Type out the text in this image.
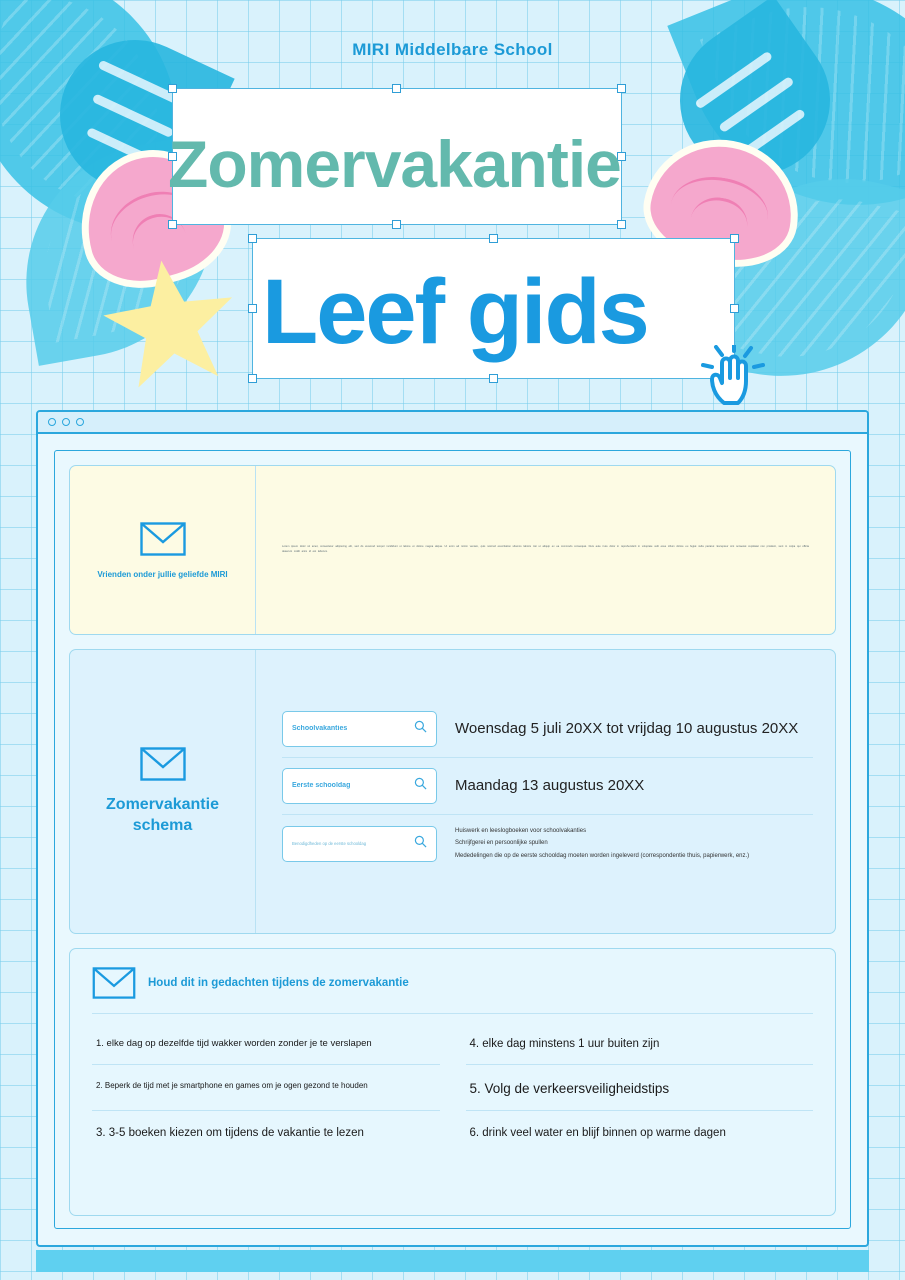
MIRI Middelbare School
Zomervakantie
Leef gids
Vrienden onder jullie geliefde MIRI

Lorem ipsum dolor sit amet, consectetur adipiscing elit, sed do eiusmod tempor incididunt ut labore et dolore magna aliqua. Ut enim ad minim veniam, quis nostrud exercitation ullamco laboris nisi ut aliquip ex ea commodo consequat. Duis aute irure dolor in reprehenderit in voluptate velit esse cillum dolore eu fugiat nulla pariatur. Excepteur sint occaecat cupidatat non proident, sunt in culpa qui officia deserunt mollit anim id est laborum.

Zomervakantie schema
Schoolvakanties	Woensdag 5 juli 20XX tot vrijdag 10 augustus 20XX
Eerste schooldag	Maandag 13 augustus 20XX
Benodigdheden op de eerste schooldag
Huiswerk en leeslogboeken voor schoolvakanties
Schrijfgerei en persoonlijke spullen
Mededelingen die op de eerste schooldag moeten worden ingeleverd (correspondentie thuis, papierwerk, enz.)
Houd dit in gedachten tijdens de zomervakantie
1. elke dag op dezelfde tijd wakker worden zonder je te verslapen	4. elke dag minstens 1 uur buiten zijn
2. Beperk de tijd met je smartphone en games om je ogen gezond te houden	5. Volg de verkeersveiligheidstips
3. 3-5 boeken kiezen om tijdens de vakantie te lezen	6. drink veel water en blijf binnen op warme dagen
